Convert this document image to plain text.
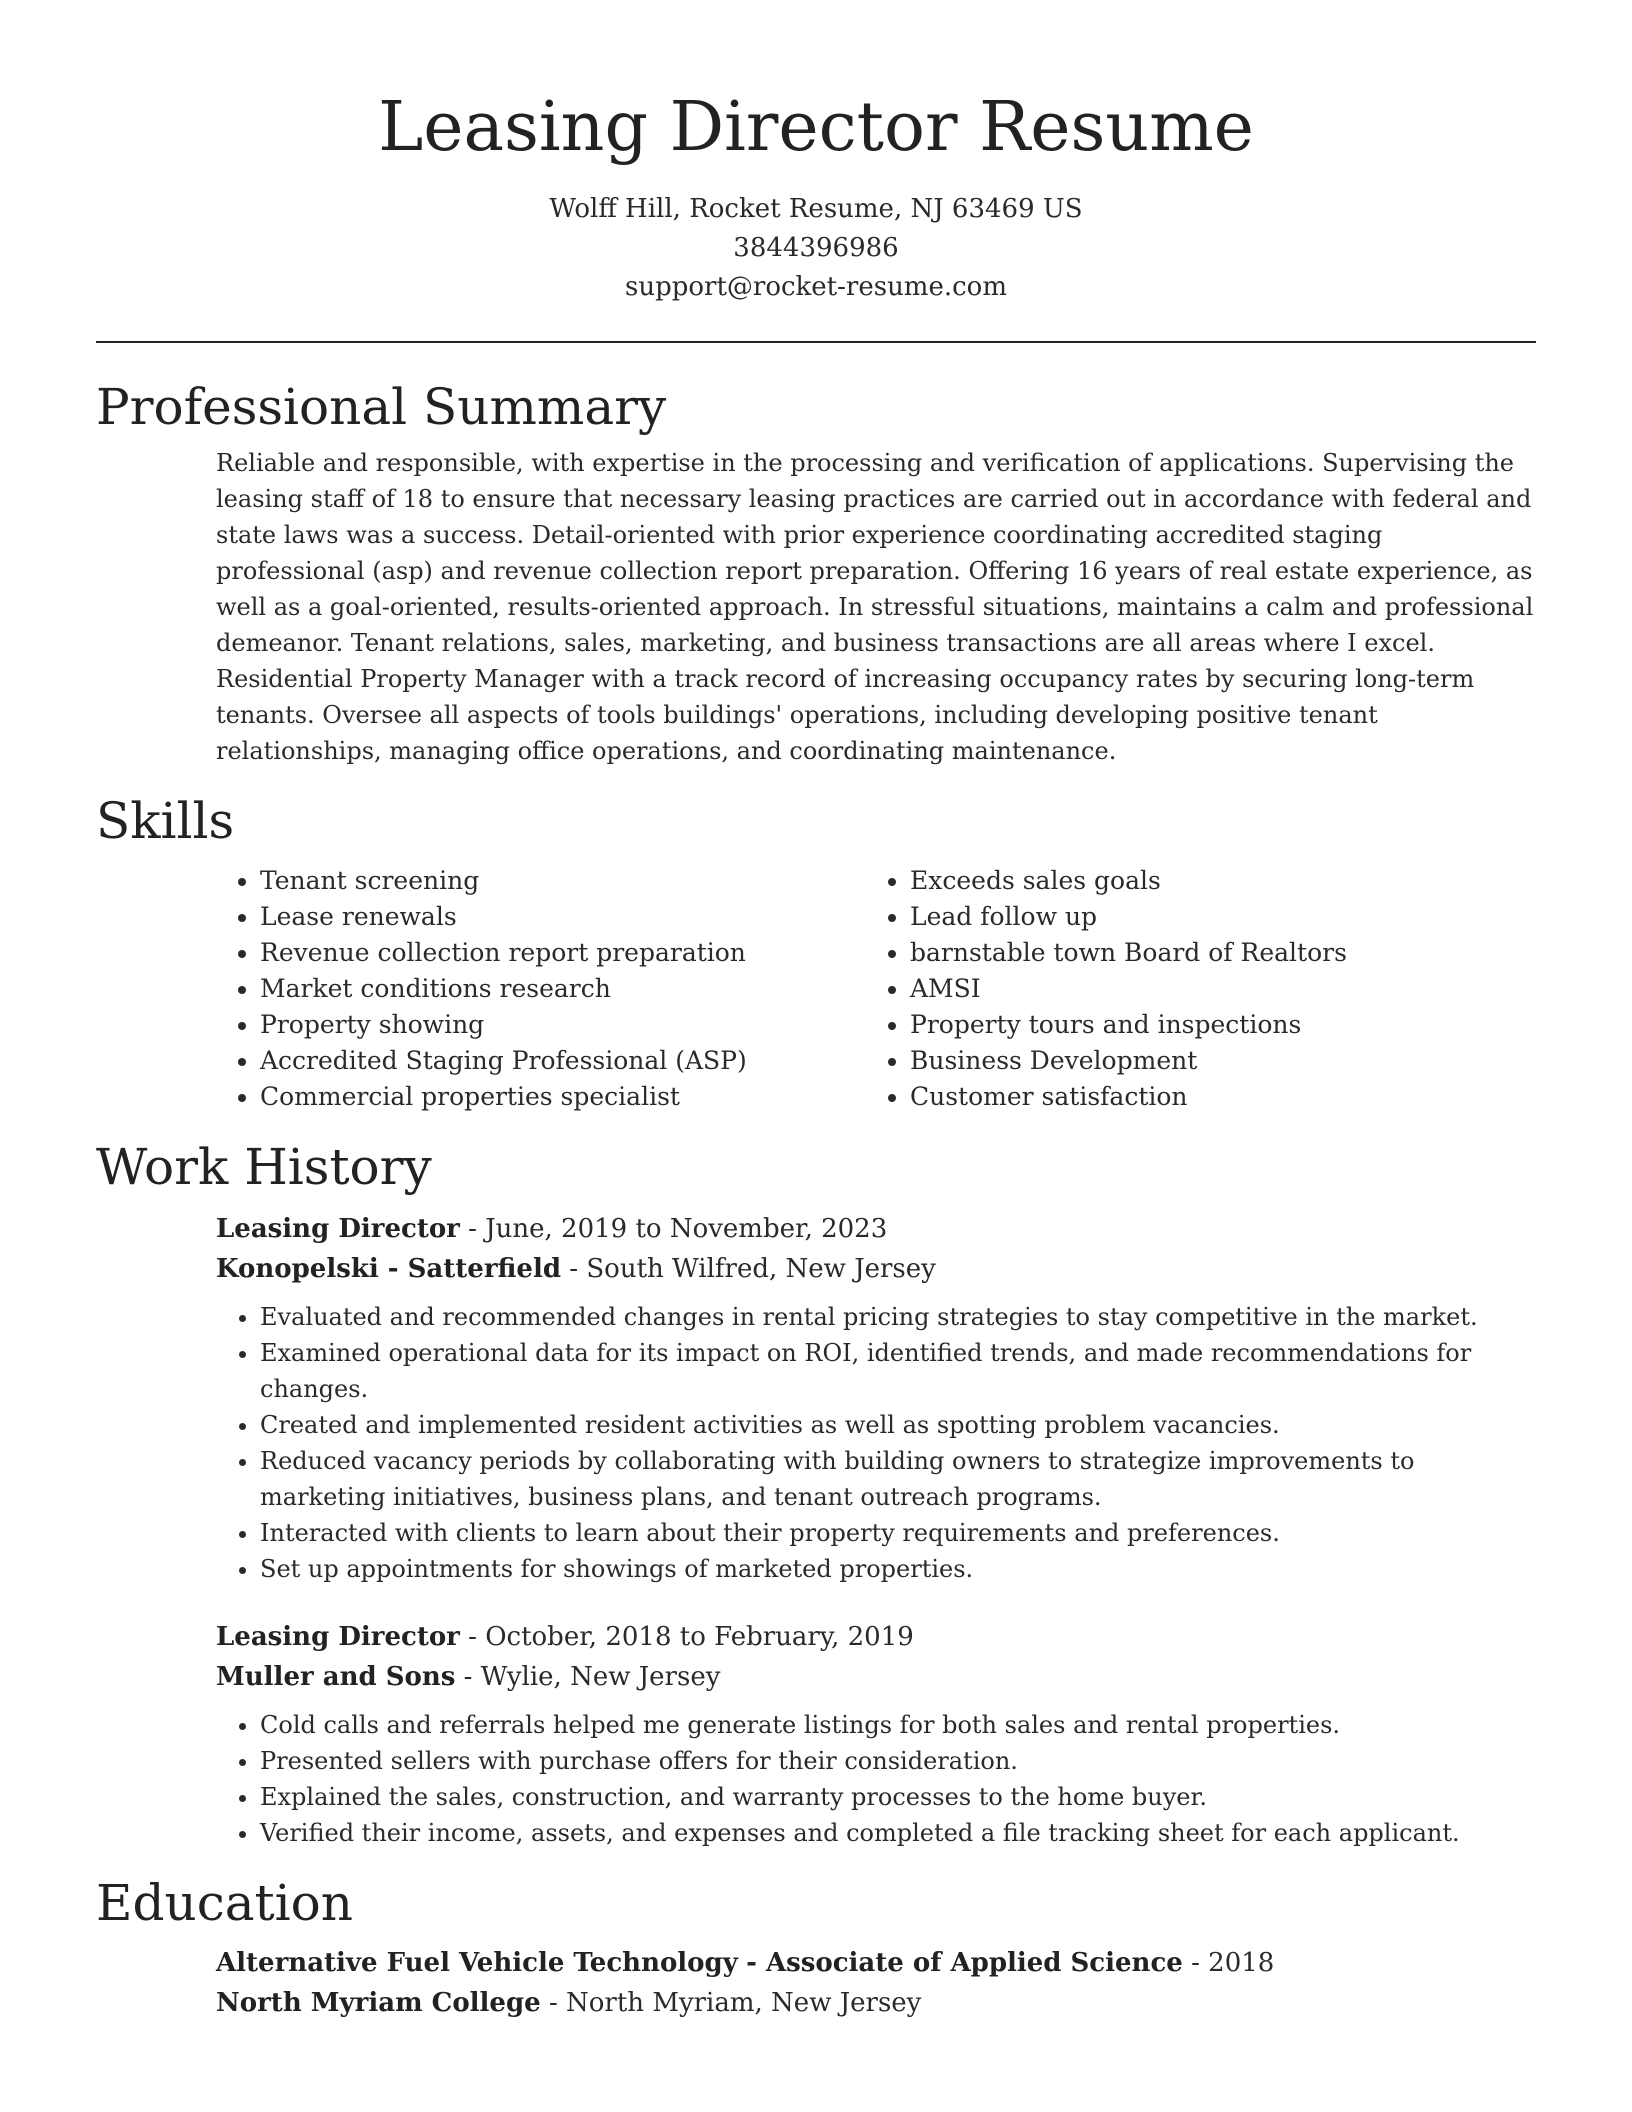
Leasing Director Resume
Wolff Hill, Rocket Resume, NJ 63469 US
3844396986
support@rocket-resume.com
Professional Summary
Reliable and responsible, with expertise in the processing and verification of applications. Supervising the leasing staff of 18 to ensure that necessary leasing practices are carried out in accordance with federal and state laws was a success. Detail-oriented with prior experience coordinating accredited staging professional (asp) and revenue collection report preparation. Offering 16 years of real estate experience, as well as a goal-oriented, results-oriented approach. In stressful situations, maintains a calm and professional demeanor. Tenant relations, sales, marketing, and business transactions are all areas where I excel. Residential Property Manager with a track record of increasing occupancy rates by securing long-term tenants. Oversee all aspects of tools buildings' operations, including developing positive tenant relationships, managing office operations, and coordinating maintenance.
Skills
• Tenant screening
• Lease renewals
• Revenue collection report preparation
• Market conditions research
• Property showing
• Accredited Staging Professional (ASP)
• Commercial properties specialist
• Exceeds sales goals
• Lead follow up
• barnstable town Board of Realtors
• AMSI
• Property tours and inspections
• Business Development
• Customer satisfaction
Work History
Leasing Director - June, 2019 to November, 2023
Konopelski - Satterfield - South Wilfred, New Jersey
• Evaluated and recommended changes in rental pricing strategies to stay competitive in the market.
• Examined operational data for its impact on ROI, identified trends, and made recommendations for changes.
• Created and implemented resident activities as well as spotting problem vacancies.
• Reduced vacancy periods by collaborating with building owners to strategize improvements to marketing initiatives, business plans, and tenant outreach programs.
• Interacted with clients to learn about their property requirements and preferences.
• Set up appointments for showings of marketed properties.
Leasing Director - October, 2018 to February, 2019
Muller and Sons - Wylie, New Jersey
• Cold calls and referrals helped me generate listings for both sales and rental properties.
• Presented sellers with purchase offers for their consideration.
• Explained the sales, construction, and warranty processes to the home buyer.
• Verified their income, assets, and expenses and completed a file tracking sheet for each applicant.
Education
Alternative Fuel Vehicle Technology - Associate of Applied Science - 2018
North Myriam College - North Myriam, New Jersey
